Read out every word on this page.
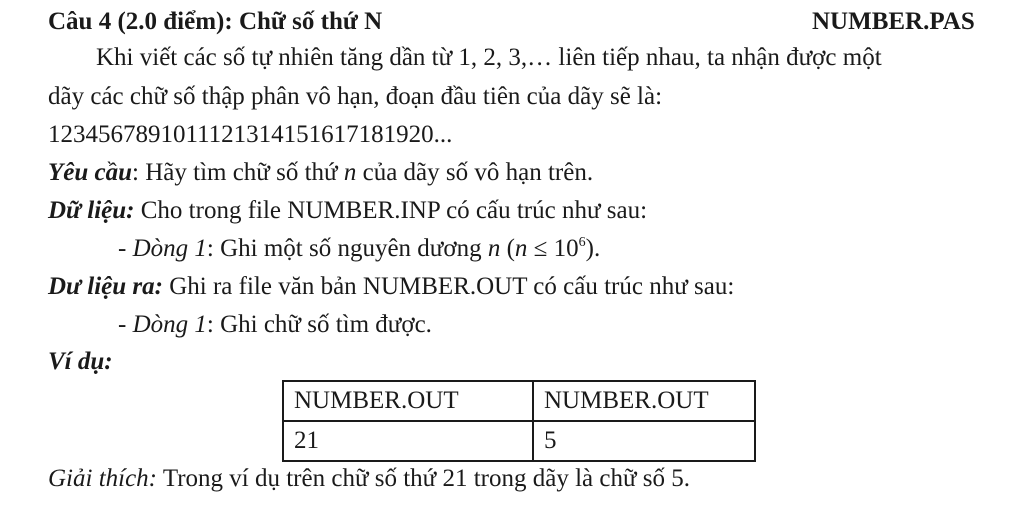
Câu 4 (2.0 điểm): Chữ số thứ N	NUMBER.PAS
Khi viết các số tự nhiên tăng dần từ 1, 2, 3,… liên tiếp nhau, ta nhận được một
dãy các chữ số thập phân vô hạn, đoạn đầu tiên của dãy sẽ là:
1234567891011121314151617181920...
Yêu cầu: Hãy tìm chữ số thứ n của dãy số vô hạn trên.
Dữ liệu: Cho trong file NUMBER.INP có cấu trúc như sau:
- Dòng 1: Ghi một số nguyên dương n $(n \le 10^6)$.
Dư liệu ra: Ghi ra file văn bản NUMBER.OUT có cấu trúc như sau:
- Dòng 1: Ghi chữ số tìm được.
Ví dụ:
NUMBER.OUT	NUMBER.OUT
21	5
Giải thích: Trong ví dụ trên chữ số thứ 21 trong dãy là chữ số 5.
